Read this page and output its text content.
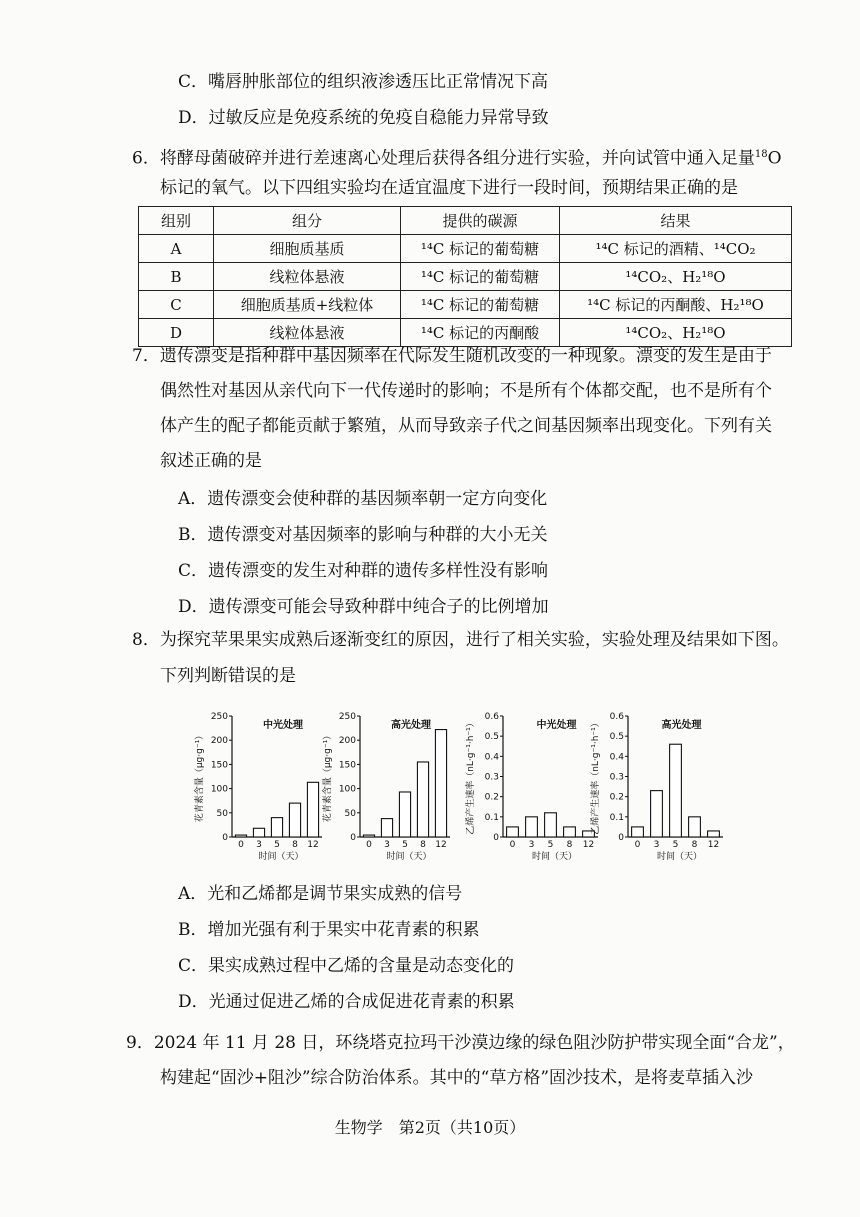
C．嘴唇肿胀部位的组织液渗透压比正常情况下高
D．过敏反应是免疫系统的免疫自稳能力异常导致
6．将酵母菌破碎并进行差速离心处理后获得各组分进行实验，并向试管中通入足量$^{18}$O
标记的氧气。以下四组实验均在适宜温度下进行一段时间，预期结果正确的是
组别	组分	提供的碳源	结果
A	细胞质基质	¹⁴C 标记的葡萄糖	¹⁴C 标记的酒精、¹⁴CO₂
B	线粒体悬液	¹⁴C 标记的葡萄糖	¹⁴CO₂、H₂¹⁸O
C	细胞质基质+线粒体	¹⁴C 标记的葡萄糖	¹⁴C 标记的丙酮酸、H₂¹⁸O
D	线粒体悬液	¹⁴C 标记的丙酮酸	¹⁴CO₂、H₂¹⁸O
7．遗传漂变是指种群中基因频率在代际发生随机改变的一种现象。漂变的发生是由于
偶然性对基因从亲代向下一代传递时的影响；不是所有个体都交配，也不是所有个
体产生的配子都能贡献于繁殖，从而导致亲子代之间基因频率出现变化。下列有关
叙述正确的是
A．遗传漂变会使种群的基因频率朝一定方向变化
B．遗传漂变对基因频率的影响与种群的大小无关
C．遗传漂变的发生对种群的遗传多样性没有影响
D．遗传漂变可能会导致种群中纯合子的比例增加
8．为探究苹果果实成熟后逐渐变红的原因，进行了相关实验，实验处理及结果如下图。
下列判断错误的是
0
50
100
150
200
250
中光处理
花青素含量（μg·g⁻¹）
0 3 5 8 12
时间（天）
0
50
100
150
200
250
高光处理
花青素含量（μg·g⁻¹）
0 3 5 8 12
时间（天）
0
0.1
0.2
0.3
0.4
0.5
0.6
中光处理
乙烯产生速率（nL·g⁻¹·h⁻¹）
0 3 5 8 12
时间（天）
0
0.1
0.2
0.3
0.4
0.5
0.6
高光处理
乙烯产生速率（nL·g⁻¹·h⁻¹）
0 3 5 8 12
时间（天）
A．光和乙烯都是调节果实成熟的信号
B．增加光强有利于果实中花青素的积累
C．果实成熟过程中乙烯的含量是动态变化的
D．光通过促进乙烯的合成促进花青素的积累
9．2024 年 11 月 28 日，环绕塔克拉玛干沙漠边缘的绿色阻沙防护带实现全面“合龙”，
构建起“固沙+阻沙”综合防治体系。其中的“草方格”固沙技术，是将麦草插入沙
生物学　第2页（共10页）
